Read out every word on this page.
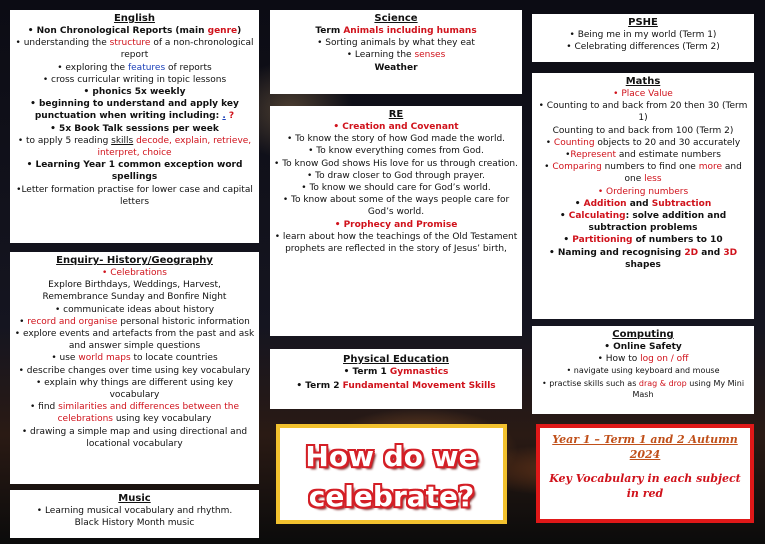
English
• Non Chronological Reports (main genre)
• understanding the structure of a non-chronological report
• exploring the features of reports
• cross curricular writing in topic lessons
• phonics 5x weekly
• beginning to understand and apply key punctuation when writing including: . ?
• 5x Book Talk sessions per week
• to apply 5 reading skills decode, explain, retrieve, interpret, choice
• Learning Year 1 common exception word spellings
•Letter formation practise for lower case and capital letters
Science
Term Animals including humans
• Sorting animals by what they eat
• Learning the senses
Weather
PSHE
• Being me in my world (Term 1)
• Celebrating differences (Term 2)
RE
• Creation and Covenant
• To know the story of how God made the world.
• To know everything comes from God.
• To know God shows His love for us through creation.
• To draw closer to God through prayer.
• To know we should care for God’s world.
• To know about some of the ways people care for God’s world.
• Prophecy and Promise
• learn about how the teachings of the Old Testament prophets are reflected in the story of Jesus’ birth,
Maths
• Place Value
• Counting to and back from 20 then 30 (Term 1)
Counting to and back from 100 (Term 2)
• Counting objects to 20 and 30 accurately
•Represent and estimate numbers
• Comparing numbers to find one more and one less
• Ordering numbers
• Addition and Subtraction
• Calculating: solve addition and subtraction problems
• Partitioning of numbers to 10
• Naming and recognising 2D and 3D shapes
Enquiry- History/Geography
• Celebrations
Explore Birthdays, Weddings, Harvest, Remembrance Sunday and Bonfire Night
• communicate ideas about history
• record and organise personal historic information
• explore events and artefacts from the past and ask and answer simple questions
• use world maps to locate countries
• describe changes over time using key vocabulary
• explain why things are different using key vocabulary
• find similarities and differences between the celebrations using key vocabulary
• drawing a simple map and using directional and locational vocabulary
Physical Education
• Term 1 Gymnastics
• Term 2 Fundamental Movement Skills
Computing
• Online Safety
• How to log on / off
• navigate using keyboard and mouse
• practise skills such as drag & drop using My Mini Mash
Music
• Learning musical vocabulary and rhythm.
Black History Month music
How do we
celebrate?
Year 1 – Term 1 and 2 Autumn 2024
Key Vocabulary in each subject in red
